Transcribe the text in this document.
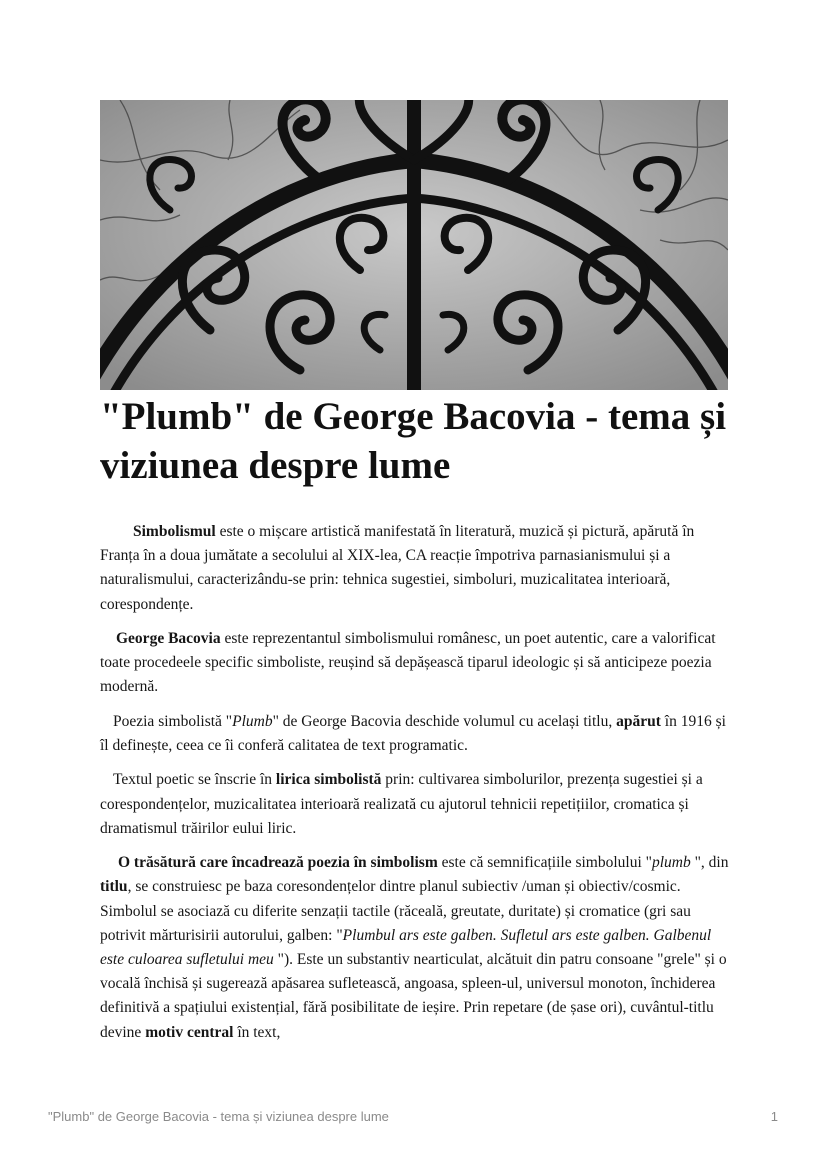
"Plumb" de George Bacovia - tema și viziunea despre lume

Simbolismul este o mișcare artistică manifestată în literatură, muzică și pictură, apărută în Franța în a doua jumătate a secolului al XIX-lea, CA reacție împotriva parnasianismului și a naturalismului, caracterizându-se prin: tehnica sugestiei, simboluri, muzicalitatea interioară, corespondențe.

George Bacovia este reprezentantul simbolismului românesc, un poet autentic, care a valorificat toate procedeele specific simboliste, reușind să depășească tiparul ideologic și să anticipeze poezia modernă.

Poezia simbolistă "Plumb" de George Bacovia deschide volumul cu același titlu, apărut în 1916 și îl definește, ceea ce îi conferă calitatea de text programatic.

Textul poetic se înscrie în lirica simbolistă prin: cultivarea simbolurilor, prezența sugestiei și a corespondențelor, muzicalitatea interioară realizată cu ajutorul tehnicii repetițiilor, cromatica și dramatismul trăirilor eului liric.

O trăsătură care încadrează poezia în simbolism este că semnificațiile simbolului "plumb ", din titlu, se construiesc pe baza coresondențelor dintre planul subiectiv /uman și obiectiv/cosmic. Simbolul se asociază cu diferite senzații tactile (răceală, greutate, duritate) și cromatice (gri sau potrivit mărturisirii autorului, galben: "Plumbul ars este galben. Sufletul ars este galben. Galbenul este culoarea sufletului meu "). Este un substantiv nearticulat, alcătuit din patru consoane "grele" și o vocală închisă și sugerează apăsarea sufletească, angoasa, spleen-ul, universul monoton, închiderea definitivă a spațiului existențial, fără posibilitate de ieșire. Prin repetare (de șase ori), cuvântul-titlu devine motiv central în text,

"Plumb" de George Bacovia - tema și viziunea despre lume	1
